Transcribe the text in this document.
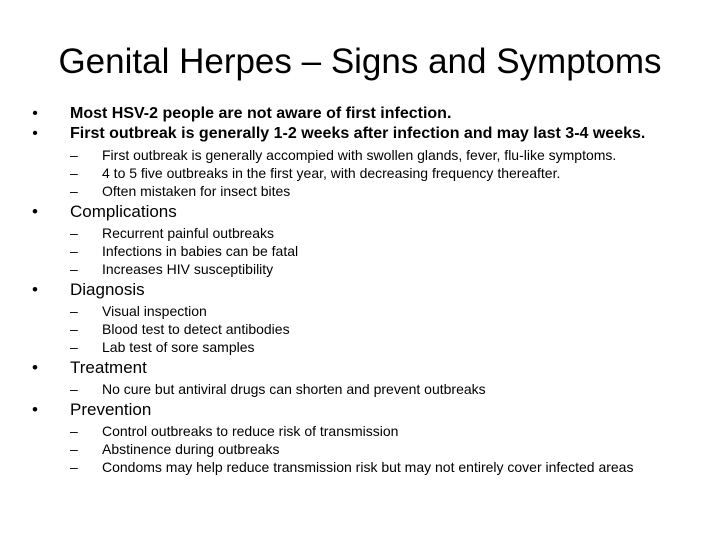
Genital Herpes – Signs and Symptoms
• Most HSV-2 people are not aware of first infection.
• First outbreak is generally 1-2 weeks after infection and may last 3-4 weeks.
– First outbreak is generally accompied with swollen glands, fever, flu-like symptoms.
– 4 to 5 five outbreaks in the first year, with decreasing frequency thereafter.
– Often mistaken for insect bites
• Complications
– Recurrent painful outbreaks
– Infections in babies can be fatal
– Increases HIV susceptibility
• Diagnosis
– Visual inspection
– Blood test to detect antibodies
– Lab test of sore samples
• Treatment
– No cure but antiviral drugs can shorten and prevent outbreaks
• Prevention
– Control outbreaks to reduce risk of transmission
– Abstinence during outbreaks
– Condoms may help reduce transmission risk but may not entirely cover infected areas
